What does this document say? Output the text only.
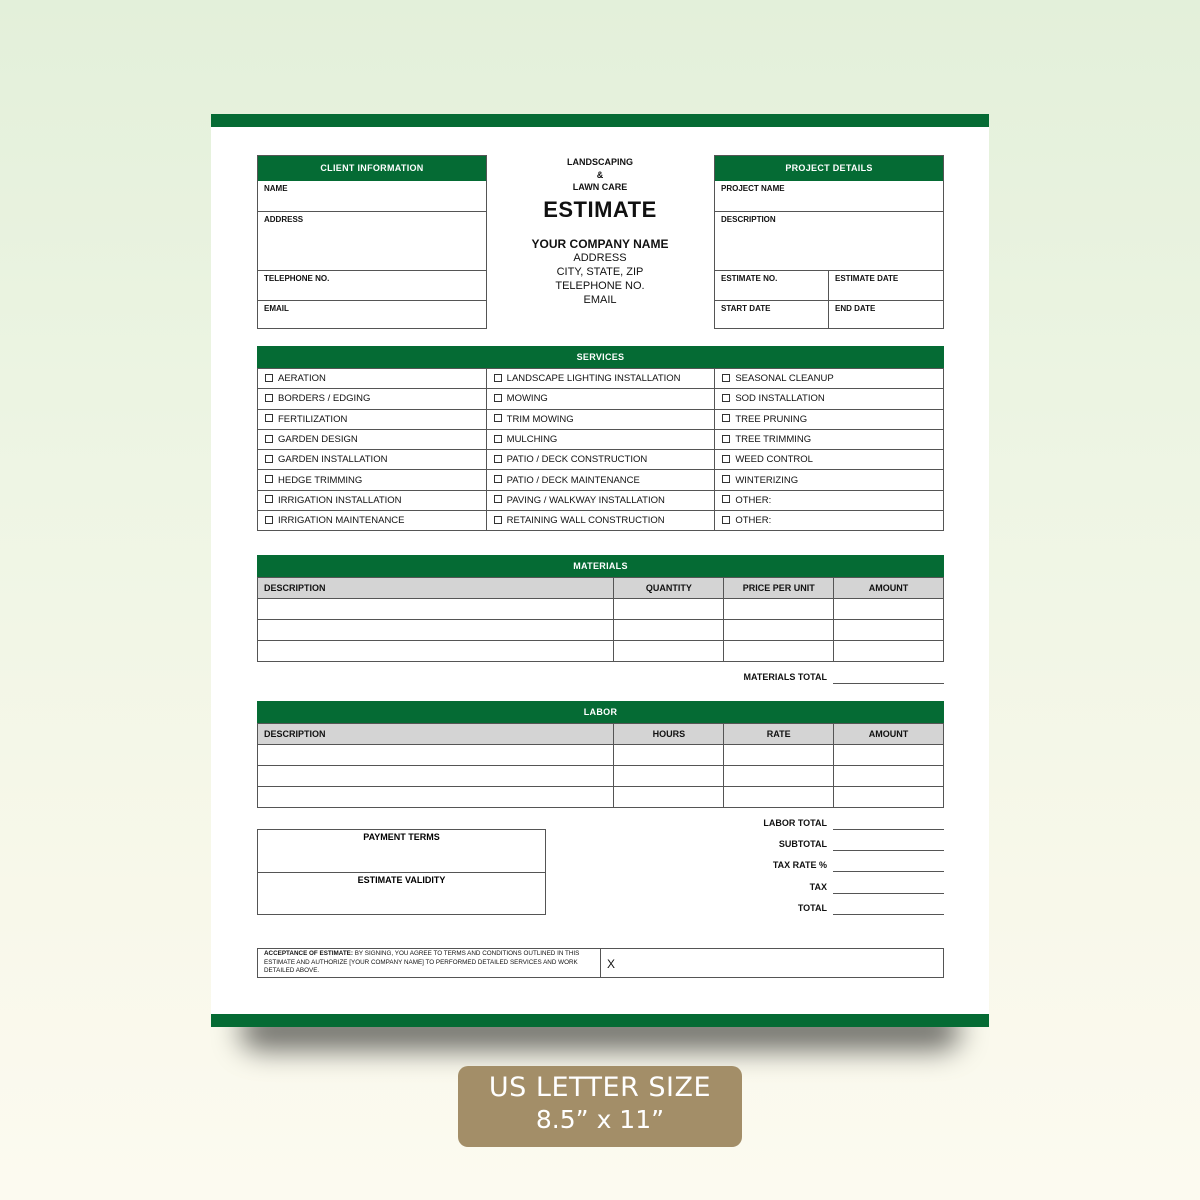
CLIENT INFORMATION
NAME
ADDRESS
TELEPHONE NO.
EMAIL
LANDSCAPING
&
LAWN CARE
ESTIMATE
YOUR COMPANY NAME
ADDRESS
CITY, STATE, ZIP
TELEPHONE NO.
EMAIL
PROJECT DETAILS
PROJECT NAME
DESCRIPTION
ESTIMATE NO.	ESTIMATE DATE
START DATE	END DATE
SERVICES
AERATION	LANDSCAPE LIGHTING INSTALLATION	SEASONAL CLEANUP
BORDERS / EDGING	MOWING	SOD INSTALLATION
FERTILIZATION	TRIM MOWING	TREE PRUNING
GARDEN DESIGN	MULCHING	TREE TRIMMING
GARDEN INSTALLATION	PATIO / DECK CONSTRUCTION	WEED CONTROL
HEDGE TRIMMING	PATIO / DECK MAINTENANCE	WINTERIZING
IRRIGATION INSTALLATION	PAVING / WALKWAY INSTALLATION	OTHER:
IRRIGATION MAINTENANCE	RETAINING WALL CONSTRUCTION	OTHER:
MATERIALS
DESCRIPTION	QUANTITY	PRICE PER UNIT	AMOUNT

MATERIALS TOTAL
LABOR
DESCRIPTION	HOURS	RATE	AMOUNT

PAYMENT TERMS
ESTIMATE VALIDITY
LABOR TOTAL
SUBTOTAL
TAX RATE %
TAX
TOTAL
ACCEPTANCE OF ESTIMATE: BY SIGNING, YOU AGREE TO TERMS AND CONDITIONS OUTLINED IN THIS ESTIMATE AND AUTHORIZE [YOUR COMPANY NAME] TO PERFORMED DETAILED SERVICES AND WORK DETAILED ABOVE.	X
US LETTER SIZE
8.5” x 11”
